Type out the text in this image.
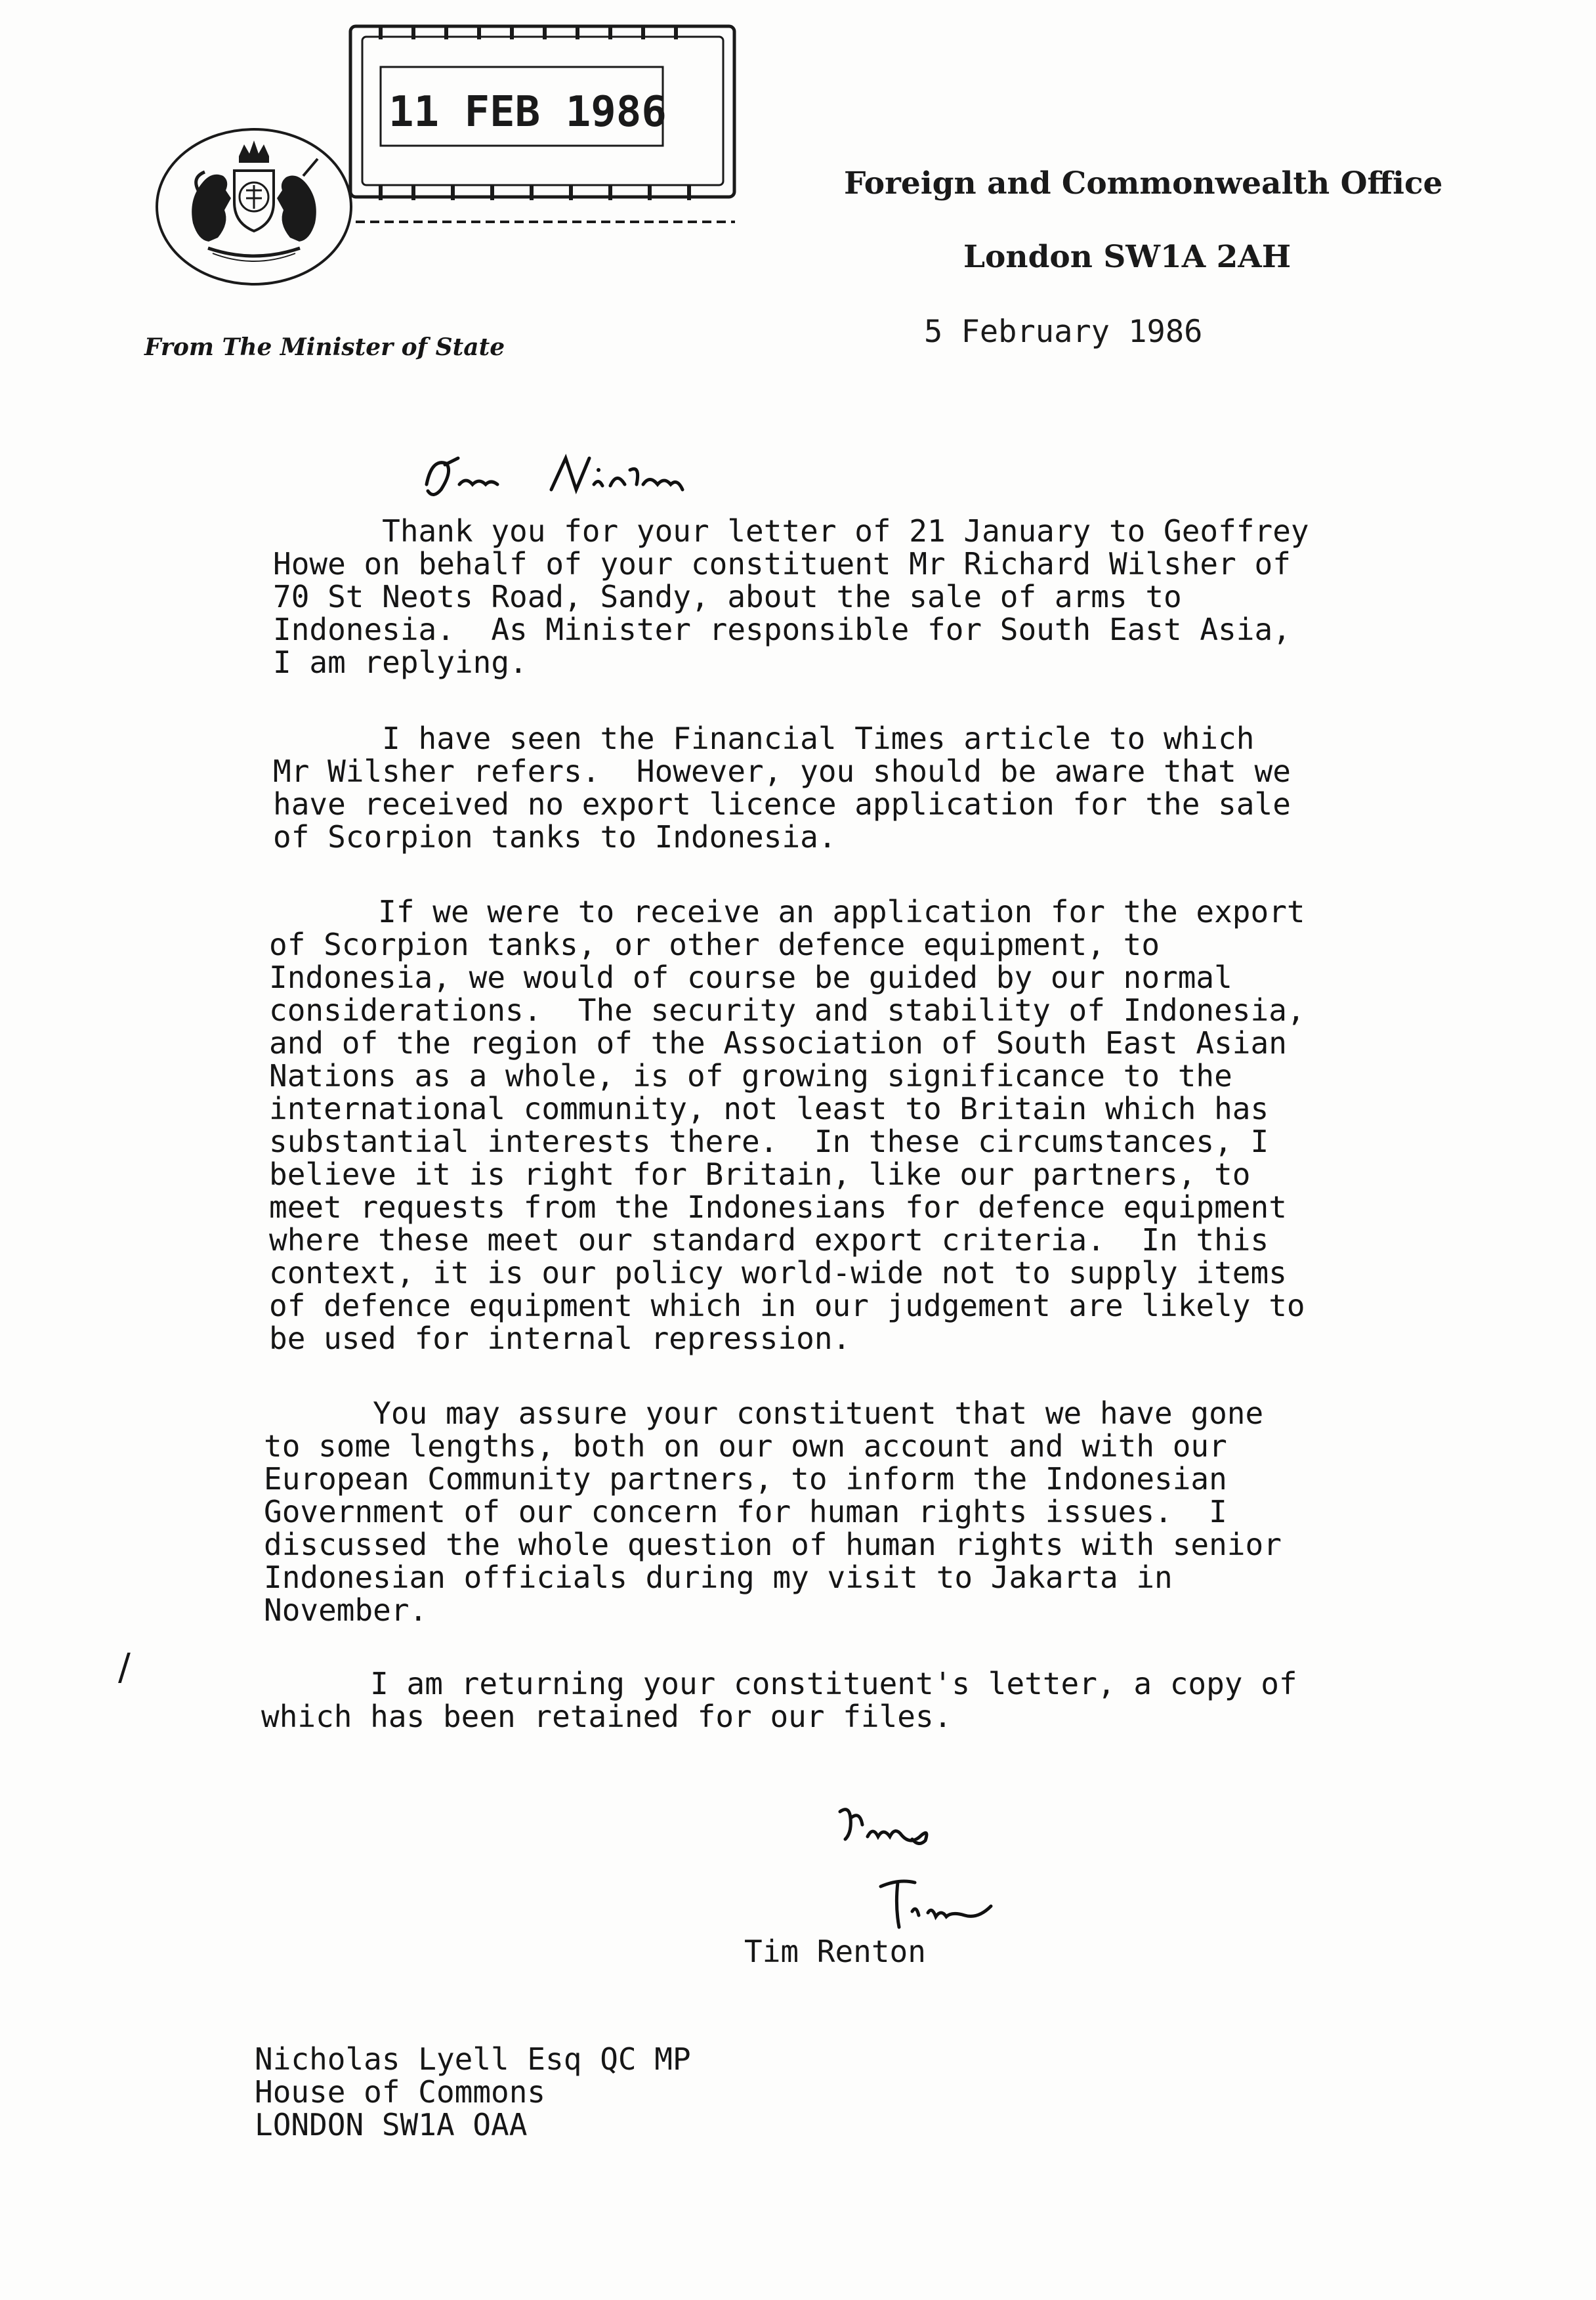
11 FEB 1986
Foreign and Commonwealth Office
London SW1A 2AH
5 February 1986
From The Minister of State
Thank you for your letter of 21 January to Geoffrey
Howe on behalf of your constituent Mr Richard Wilsher of
70 St Neots Road, Sandy, about the sale of arms to
Indonesia.  As Minister responsible for South East Asia,
I am replying.
I have seen the Financial Times article to which
Mr Wilsher refers.  However, you should be aware that we
have received no export licence application for the sale
of Scorpion tanks to Indonesia.
If we were to receive an application for the export
of Scorpion tanks, or other defence equipment, to
Indonesia, we would of course be guided by our normal
considerations.  The security and stability of Indonesia,
and of the region of the Association of South East Asian
Nations as a whole, is of growing significance to the
international community, not least to Britain which has
substantial interests there.  In these circumstances, I
believe it is right for Britain, like our partners, to
meet requests from the Indonesians for defence equipment
where these meet our standard export criteria.  In this
context, it is our policy world-wide not to supply items
of defence equipment which in our judgement are likely to
be used for internal repression.
You may assure your constituent that we have gone
to some lengths, both on our own account and with our
European Community partners, to inform the Indonesian
Government of our concern for human rights issues.  I
discussed the whole question of human rights with senior
Indonesian officials during my visit to Jakarta in
November.
I am returning your constituent's letter, a copy of
which has been retained for our files.
/
Tim Renton
Nicholas Lyell Esq QC MP
House of Commons
LONDON SW1A OAA
